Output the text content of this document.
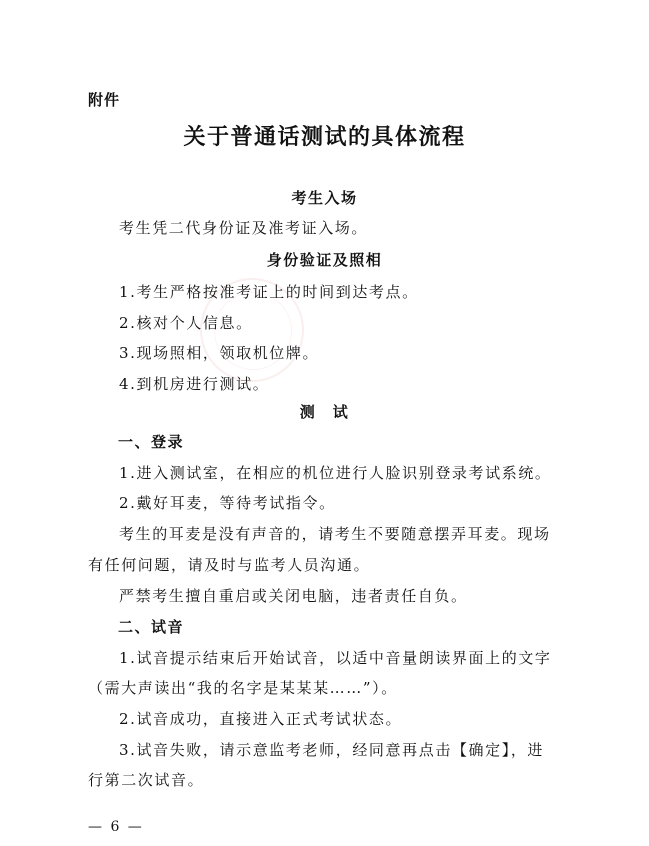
附件
关于普通话测试的具体流程
考生入场
考生凭二代身份证及准考证入场。
身份验证及照相
1.考生严格按准考证上的时间到达考点。
2.核对个人信息。
3.现场照相，领取机位牌。
4.到机房进行测试。
测　试
一、登录
1.进入测试室，在相应的机位进行人脸识别登录考试系统。
2.戴好耳麦，等待考试指令。
考生的耳麦是没有声音的，请考生不要随意摆弄耳麦。现场
有任何问题，请及时与监考人员沟通。
严禁考生擅自重启或关闭电脑，违者责任自负。
二、试音
1.试音提示结束后开始试音，以适中音量朗读界面上的文字
（需大声读出“我的名字是某某某……”）。
2.试音成功，直接进入正式考试状态。
3.试音失败，请示意监考老师，经同意再点击【确定】，进
行第二次试音。
— 6 —
